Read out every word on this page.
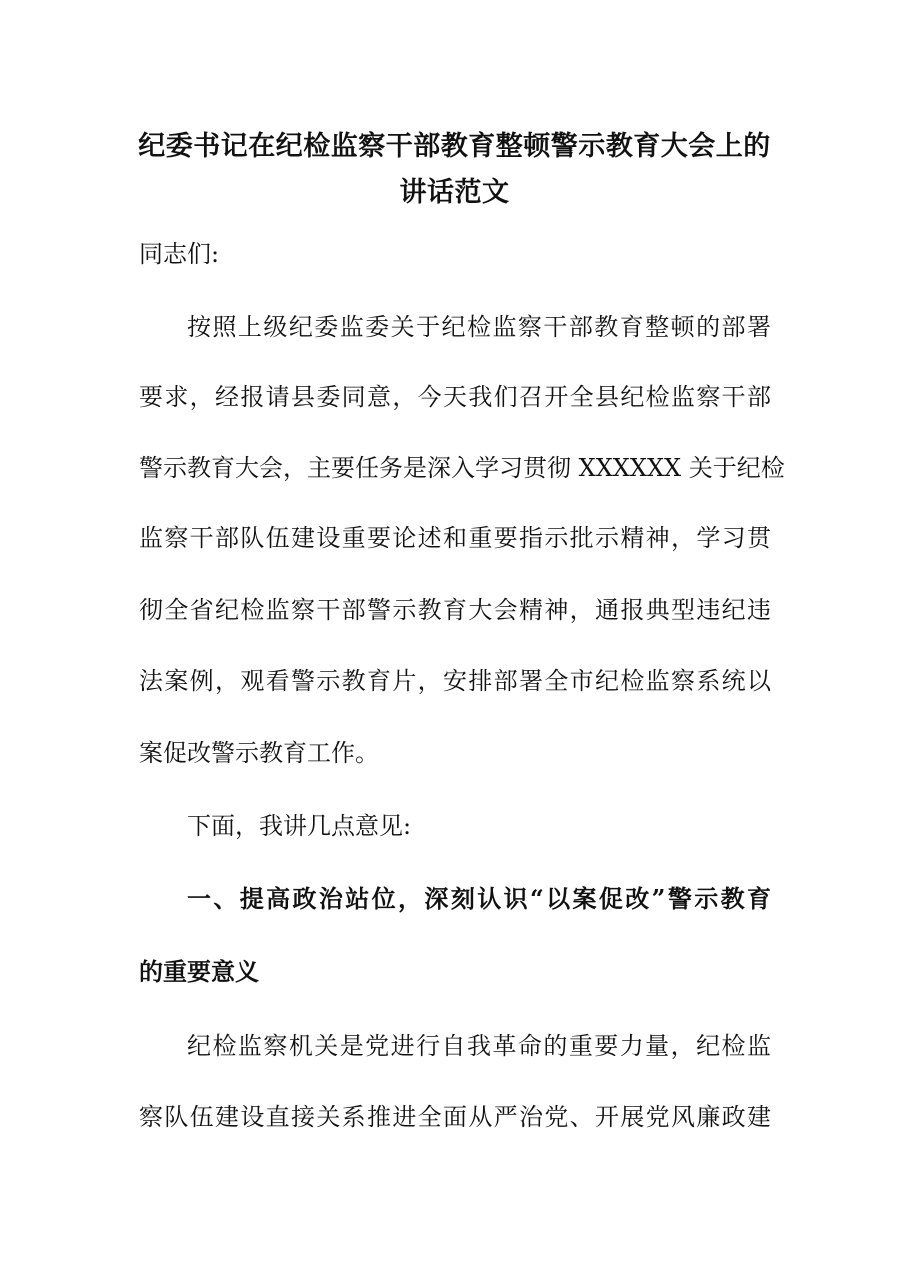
纪委书记在纪检监察干部教育整顿警示教育大会上的
讲话范文
同志们:
按照上级纪委监委关于纪检监察干部教育整顿的部署
要求，经报请县委同意，今天我们召开全县纪检监察干部
警示教育大会，主要任务是深入学习贯彻 XXXXXX 关于纪检
监察干部队伍建设重要论述和重要指示批示精神，学习贯
彻全省纪检监察干部警示教育大会精神，通报典型违纪违
法案例，观看警示教育片，安排部署全市纪检监察系统以
案促改警示教育工作。
下面，我讲几点意见:
一、提高政治站位，深刻认识“以案促改”警示教育
的重要意义
纪检监察机关是党进行自我革命的重要力量，纪检监
察队伍建设直接关系推进全面从严治党、开展党风廉政建
